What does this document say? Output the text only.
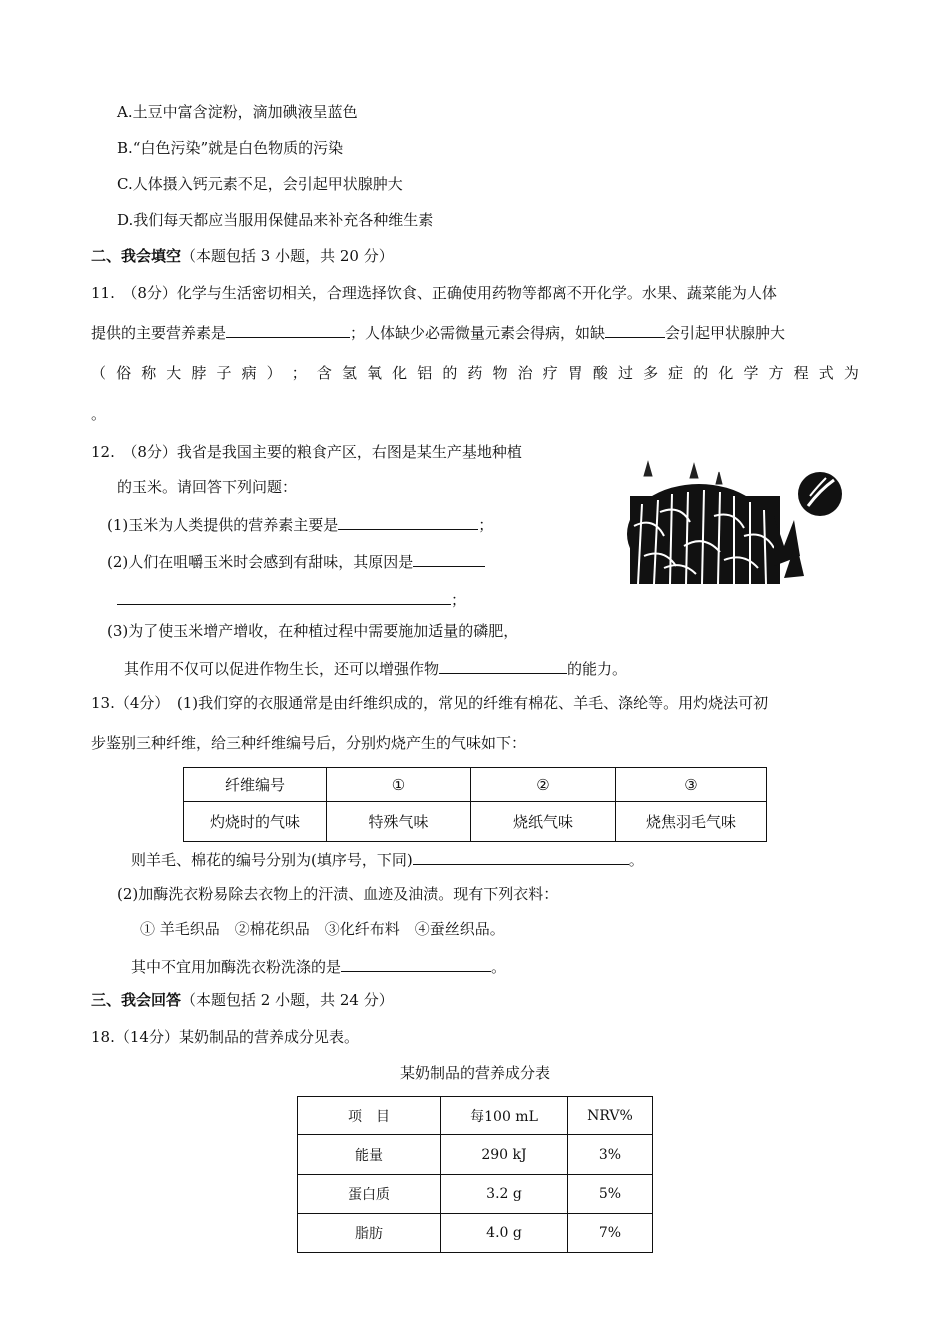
A.土豆中富含淀粉，滴加碘液呈蓝色
B.“白色污染”就是白色物质的污染
C.人体摄入钙元素不足，会引起甲状腺肿大
D.我们每天都应当服用保健品来补充各种维生素
二、我会填空（本题包括 3 小题，共 20 分）
11.　（8分）化学与生活密切相关，合理选择饮食、正确使用药物等都离不开化学。水果、蔬菜能为人体
提供的主要营养素是	；人体缺少必需微量元素会得病，如缺	会引起甲状腺肿大
（ 俗 称 大 脖 子 病 ） ； 含 氢 氧 化 铝 的 药 物 治 疗 胃 酸 过 多 症 的 化 学 方 程 式 为
。
12.　（8分）我省是我国主要的粮食产区，右图是某生产基地种植
的玉米。请回答下列问题：
(1)玉米为人类提供的营养素主要是	；
(2)人们在咀嚼玉米时会感到有甜味，其原因是
；
(3)为了使玉米增产增收，在种植过程中需要施加适量的磷肥，
其作用不仅可以促进作物生长，还可以增强作物	的能力。
13.（4分）　(1)我们穿的衣服通常是由纤维织成的，常见的纤维有棉花、羊毛、涤纶等。用灼烧法可初
步鉴别三种纤维，给三种纤维编号后，分别灼烧产生的气味如下：
纤维编号	①	②	③
灼烧时的气味	特殊气味	烧纸气味	烧焦羽毛气味
则羊毛、棉花的编号分别为(填序号，下同)	。
(2)加酶洗衣粉易除去衣物上的汗渍、血迹及油渍。现有下列衣料：
① 羊毛织品　②棉花织品　③化纤布料　④蚕丝织品。
其中不宜用加酶洗衣粉洗涤的是	。
三、我会回答（本题包括 2 小题，共 24 分）
18.（14分）某奶制品的营养成分见表。
某奶制品的营养成分表
项　目	每100 mL	NRV%
能量	290 kJ	3%
蛋白质	3.2 g	5%
脂肪	4.0 g	7%
